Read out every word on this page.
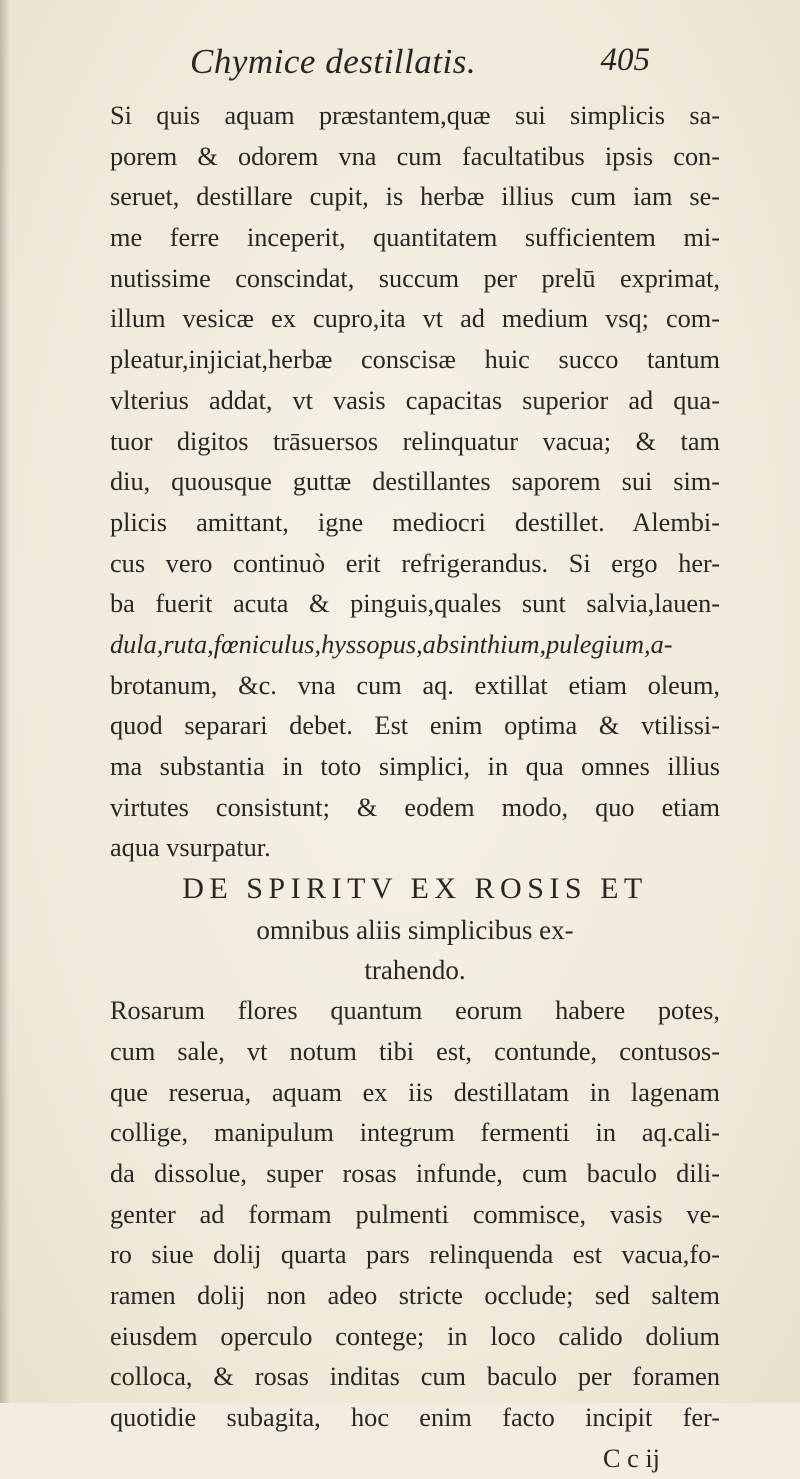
Chymice destillatis.	405
Si quis aquam præstantem,quæ sui simplicis sa-
porem & odorem vna cum facultatibus ipsis con-
seruet, destillare cupit, is herbæ illius cum iam se-
me ferre inceperit, quantitatem sufficientem mi-
nutissime conscindat, succum per prelū exprimat,
illum vesicæ ex cupro,ita vt ad medium vsq; com-
pleatur,injiciat,herbæ conscisæ huic succo tantum
vlterius addat, vt vasis capacitas superior ad qua-
tuor digitos trāsuersos relinquatur vacua; & tam
diu, quousque guttæ destillantes saporem sui sim-
plicis amittant, igne mediocri destillet. Alembi-
cus vero continuò erit refrigerandus. Si ergo her-
ba fuerit acuta & pinguis,quales sunt salvia,lauen-
dula,ruta,fœniculus,hyssopus,absinthium,pulegium,a-
brotanum, &c. vna cum aq. extillat etiam oleum,
quod separari debet. Est enim optima & vtilissi-
ma substantia in toto simplici, in qua omnes illius
virtutes consistunt; & eodem modo, quo etiam
aqua vsurpatur.
DE SPIRITV EX ROSIS ET
omnibus aliis simplicibus ex-
trahendo.
Rosarum flores quantum eorum habere potes,
cum sale, vt notum tibi est, contunde, contusos-
que reserua, aquam ex iis destillatam in lagenam
collige, manipulum integrum fermenti in aq.cali-
da dissolue, super rosas infunde, cum baculo dili-
genter ad formam pulmenti commisce, vasis ve-
ro siue dolij quarta pars relinquenda est vacua,fo-
ramen dolij non adeo stricte occlude; sed saltem
eiusdem operculo contege; in loco calido dolium
colloca, & rosas inditas cum baculo per foramen
quotidie subagita, hoc enim facto incipit fer-
C c ij
